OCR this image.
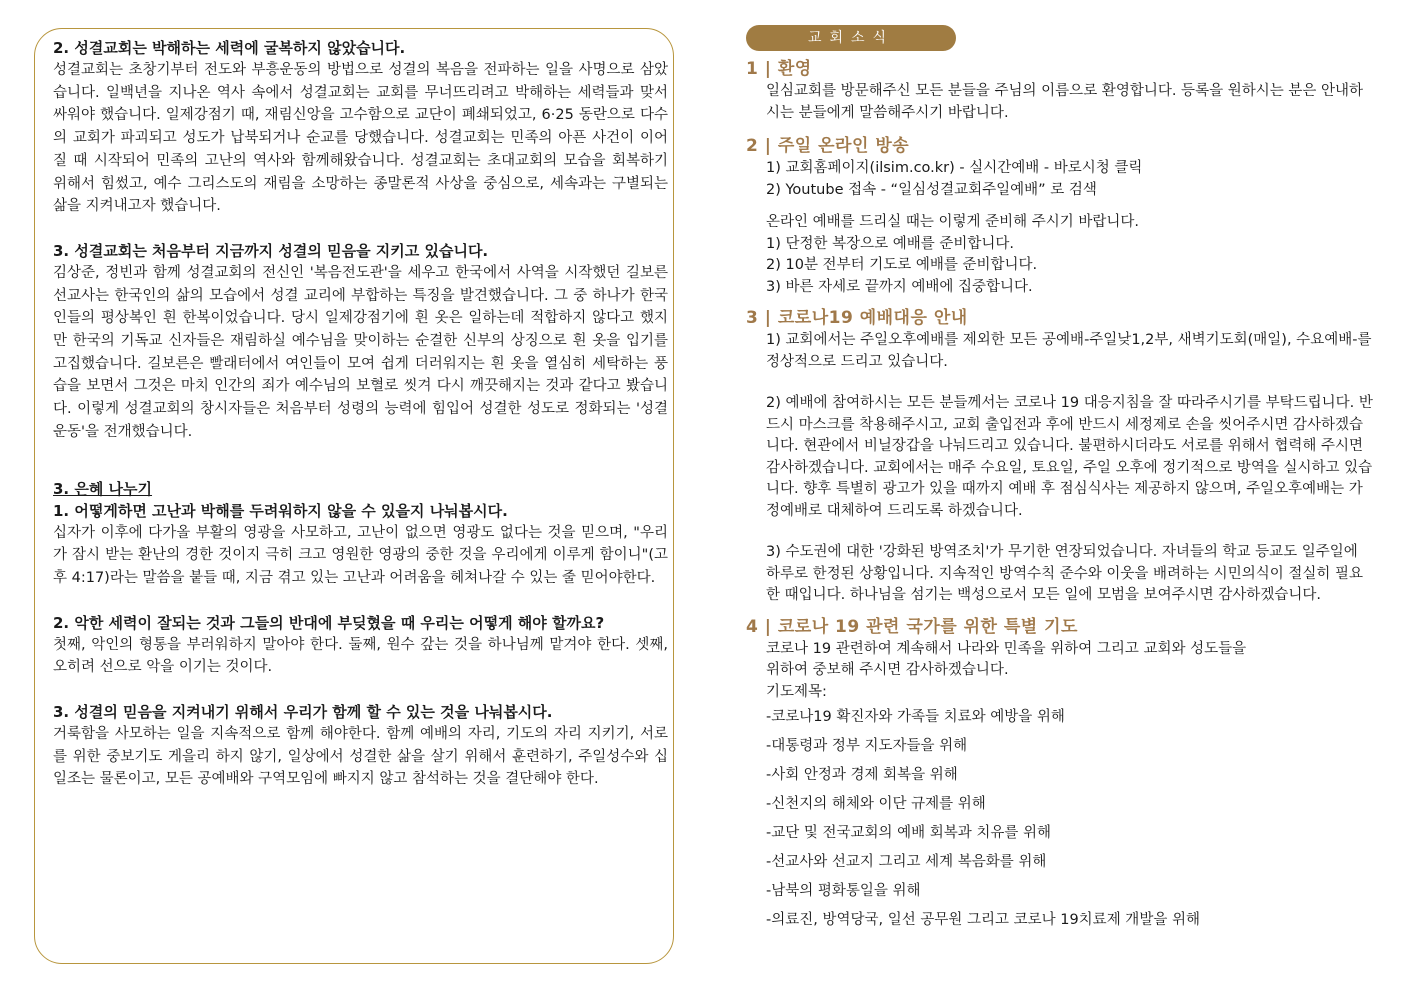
2. 성결교회는 박해하는 세력에 굴복하지 않았습니다.
성결교회는 초창기부터 전도와 부흥운동의 방법으로 성결의 복음을 전파하는 일을 사명으로 삼았습니다. 일백년을 지나온 역사 속에서 성결교회는 교회를 무너뜨리려고 박해하는 세력들과 맞서 싸워야 했습니다. 일제강점기 때, 재림신앙을 고수함으로 교단이 폐쇄되었고, 6·25 동란으로 다수의 교회가 파괴되고 성도가 납북되거나 순교를 당했습니다. 성결교회는 민족의 아픈 사건이 이어질 때 시작되어 민족의 고난의 역사와 함께해왔습니다. 성결교회는 초대교회의 모습을 회복하기 위해서 힘썼고, 예수 그리스도의 재림을 소망하는 종말론적 사상을 중심으로, 세속과는 구별되는 삶을 지켜내고자 했습니다.
3. 성결교회는 처음부터 지금까지 성결의 믿음을 지키고 있습니다.
김상준, 정빈과 함께 성결교회의 전신인 '복음전도관'을 세우고 한국에서 사역을 시작했던 길보른 선교사는 한국인의 삶의 모습에서 성결 교리에 부합하는 특징을 발견했습니다. 그 중 하나가 한국인들의 평상복인 흰 한복이었습니다. 당시 일제강점기에 흰 옷은 일하는데 적합하지 않다고 했지만 한국의 기독교 신자들은 재림하실 예수님을 맞이하는 순결한 신부의 상징으로 흰 옷을 입기를 고집했습니다. 길보른은 빨래터에서 여인들이 모여 쉽게 더러워지는 흰 옷을 열심히 세탁하는 풍습을 보면서 그것은 마치 인간의 죄가 예수님의 보혈로 씻겨 다시 깨끗해지는 것과 같다고 봤습니다. 이렇게 성결교회의 창시자들은 처음부터 성령의 능력에 힘입어 성결한 성도로 정화되는 '성결운동'을 전개했습니다.
3. 은혜 나누기
1. 어떻게하면 고난과 박해를 두려워하지 않을 수 있을지 나눠봅시다.
십자가 이후에 다가올 부활의 영광을 사모하고, 고난이 없으면 영광도 없다는 것을 믿으며, "우리가 잠시 받는 환난의 경한 것이지 극히 크고 영원한 영광의 중한 것을 우리에게 이루게 함이니"(고후 4:17)라는 말씀을 붙들 때, 지금 겪고 있는 고난과 어려움을 헤쳐나갈 수 있는 줄 믿어야한다.
2. 악한 세력이 잘되는 것과 그들의 반대에 부딪혔을 때 우리는 어떻게 해야 할까요?
첫째, 악인의 형통을 부러워하지 말아야 한다. 둘째, 원수 갚는 것을 하나님께 맡겨야 한다. 셋째, 오히려 선으로 악을 이기는 것이다.
3. 성결의 믿음을 지켜내기 위해서 우리가 함께 할 수 있는 것을 나눠봅시다.
거룩함을 사모하는 일을 지속적으로 함께 해야한다. 함께 예배의 자리, 기도의 자리 지키기, 서로를 위한 중보기도 게을리 하지 않기, 일상에서 성결한 삶을 살기 위해서 훈련하기, 주일성수와 십일조는 물론이고, 모든 공예배와 구역모임에 빠지지 않고 참석하는 것을 결단해야 한다.
교회소식
1 | 환영
일심교회를 방문해주신 모든 분들을 주님의 이름으로 환영합니다. 등록을 원하시는 분은 안내하시는 분들에게 말씀해주시기 바랍니다.
2 | 주일 온라인 방송
1) 교회홈페이지(ilsim.co.kr) - 실시간예배 - 바로시청 클릭
2) Youtube 접속 - “일심성결교회주일예배” 로 검색
온라인 예배를 드리실 때는 이렇게 준비해 주시기 바랍니다.
1) 단정한 복장으로 예배를 준비합니다.
2) 10분 전부터 기도로 예배를 준비합니다.
3) 바른 자세로 끝까지 예배에 집중합니다.
3 | 코로나19 예배대응 안내
1) 교회에서는 주일오후예배를 제외한 모든 공예배-주일낮1,2부, 새벽기도회(매일), 수요예배-를 정상적으로 드리고 있습니다.
2) 예배에 참여하시는 모든 분들께서는 코로나 19 대응지침을 잘 따라주시기를 부탁드립니다. 반드시 마스크를 착용해주시고, 교회 출입전과 후에 반드시 세정제로 손을 씻어주시면 감사하겠습니다. 현관에서 비닐장갑을 나눠드리고 있습니다. 불편하시더라도 서로를 위해서 협력해 주시면 감사하겠습니다. 교회에서는 매주 수요일, 토요일, 주일 오후에 정기적으로 방역을 실시하고 있습니다. 향후 특별히 광고가 있을 때까지 예배 후 점심식사는 제공하지 않으며, 주일오후예배는 가정예배로 대체하여 드리도록 하겠습니다.
3) 수도권에 대한 '강화된 방역조치'가 무기한 연장되었습니다. 자녀들의 학교 등교도 일주일에 하루로 한정된 상황입니다. 지속적인 방역수칙 준수와 이웃을 배려하는 시민의식이 절실히 필요한 때입니다. 하나님을 섬기는 백성으로서 모든 일에 모범을 보여주시면 감사하겠습니다.
4 | 코로나 19 관련 국가를 위한 특별 기도
코로나 19 관련하여 계속해서 나라와 민족을 위하여 그리고 교회와 성도들을
위하여 중보해 주시면 감사하겠습니다.
기도제목:
-코로나19 확진자와 가족들 치료와 예방을 위해
-대통령과 정부 지도자들을 위해
-사회 안정과 경제 회복을 위해
-신천지의 해체와 이단 규제를 위해
-교단 및 전국교회의 예배 회복과 치유를 위해
-선교사와 선교지 그리고 세계 복음화를 위해
-남북의 평화통일을 위해
-의료진, 방역당국, 일선 공무원 그리고 코로나 19치료제 개발을 위해
